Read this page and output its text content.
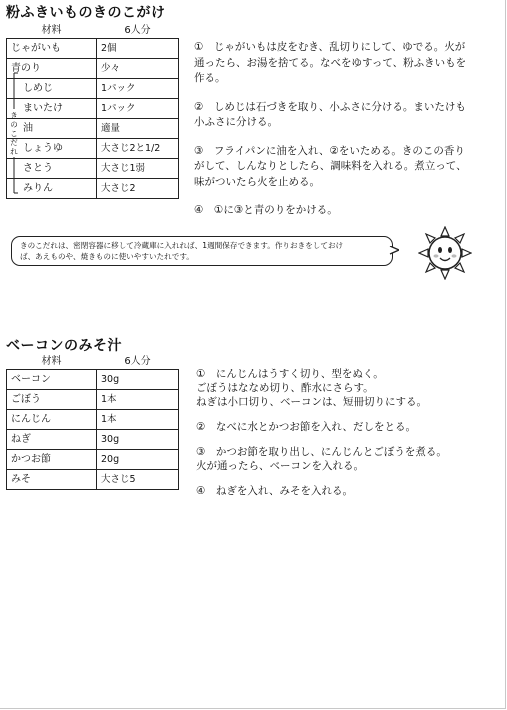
粉ふきいものきのこがけ
材料	6人分
じゃがいも	2個
青のり	少々
しめじ	1パック
まいたけ	1パック
油	適量
しょうゆ	大さじ2と1/2
さとう	大さじ1弱
みりん	大さじ2
き
の
こ
だ
れ
①　じゃがいもは皮をむき、乱切りにして、ゆでる。火が
通ったら、お湯を捨てる。なべをゆすって、粉ふきいもを
作る。
②　しめじは石づきを取り、小ふさに分ける。まいたけも
小ふさに分ける。
③　フライパンに油を入れ、②をいためる。きのこの香り
がして、しんなりとしたら、調味料を入れる。煮立って、
味がついたら火を止める。
④　①に③と青のりをかける。
きのこだれは、密閉容器に移して冷蔵庫に入れれば、1週間保存できます。作りおきをしておけ
ば、あえものや、焼きものに使いやすいたれです。
ベーコンのみそ汁
材料	6人分
ベーコン	30g
ごぼう	1本
にんじん	1本
ねぎ	30g
かつお節	20g
みそ	大さじ5
①　にんじんはうすく切り、型をぬく。
ごぼうはななめ切り、酢水にさらす。
ねぎは小口切り、ベーコンは、短冊切りにする。
②　なべに水とかつお節を入れ、だしをとる。
③　かつお節を取り出し、にんじんとごぼうを煮る。
火が通ったら、ベーコンを入れる。
④　ねぎを入れ、みそを入れる。
